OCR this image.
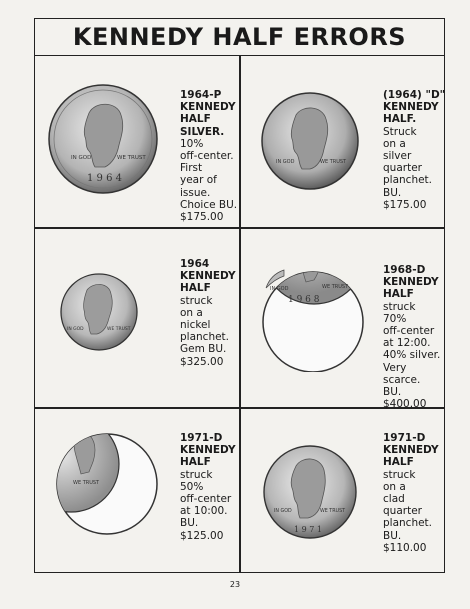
KENNEDY HALF ERRORS
IN GOD	WE TRUST
1 9 6 4
1964-P
KENNEDY
HALF
SILVER.
10%
off-center.
First
year of
issue.
Choice BU.
$175.00
IN GOD	WE TRUST
(1964) "D"
KENNEDY
HALF.
Struck
on a
silver
quarter
planchet.
BU.
$175.00
IN GOD	WE TRUST
1964
KENNEDY
HALF
struck
on a
nickel
planchet.
Gem BU.
$325.00
IN GOD	WE TRUST
1 9 6 8
1968-D
KENNEDY
HALF
struck
70%
off-center
at 12:00.
40% silver.
Very
scarce.
BU.
$400.00
WE TRUST
1971-D
KENNEDY
HALF
struck
50%
off-center
at 10:00.
BU.
$125.00
IN GOD	WE TRUST
1 9 7 1
1971-D
KENNEDY
HALF
struck
on a
clad
quarter
planchet.
BU.
$110.00
23
